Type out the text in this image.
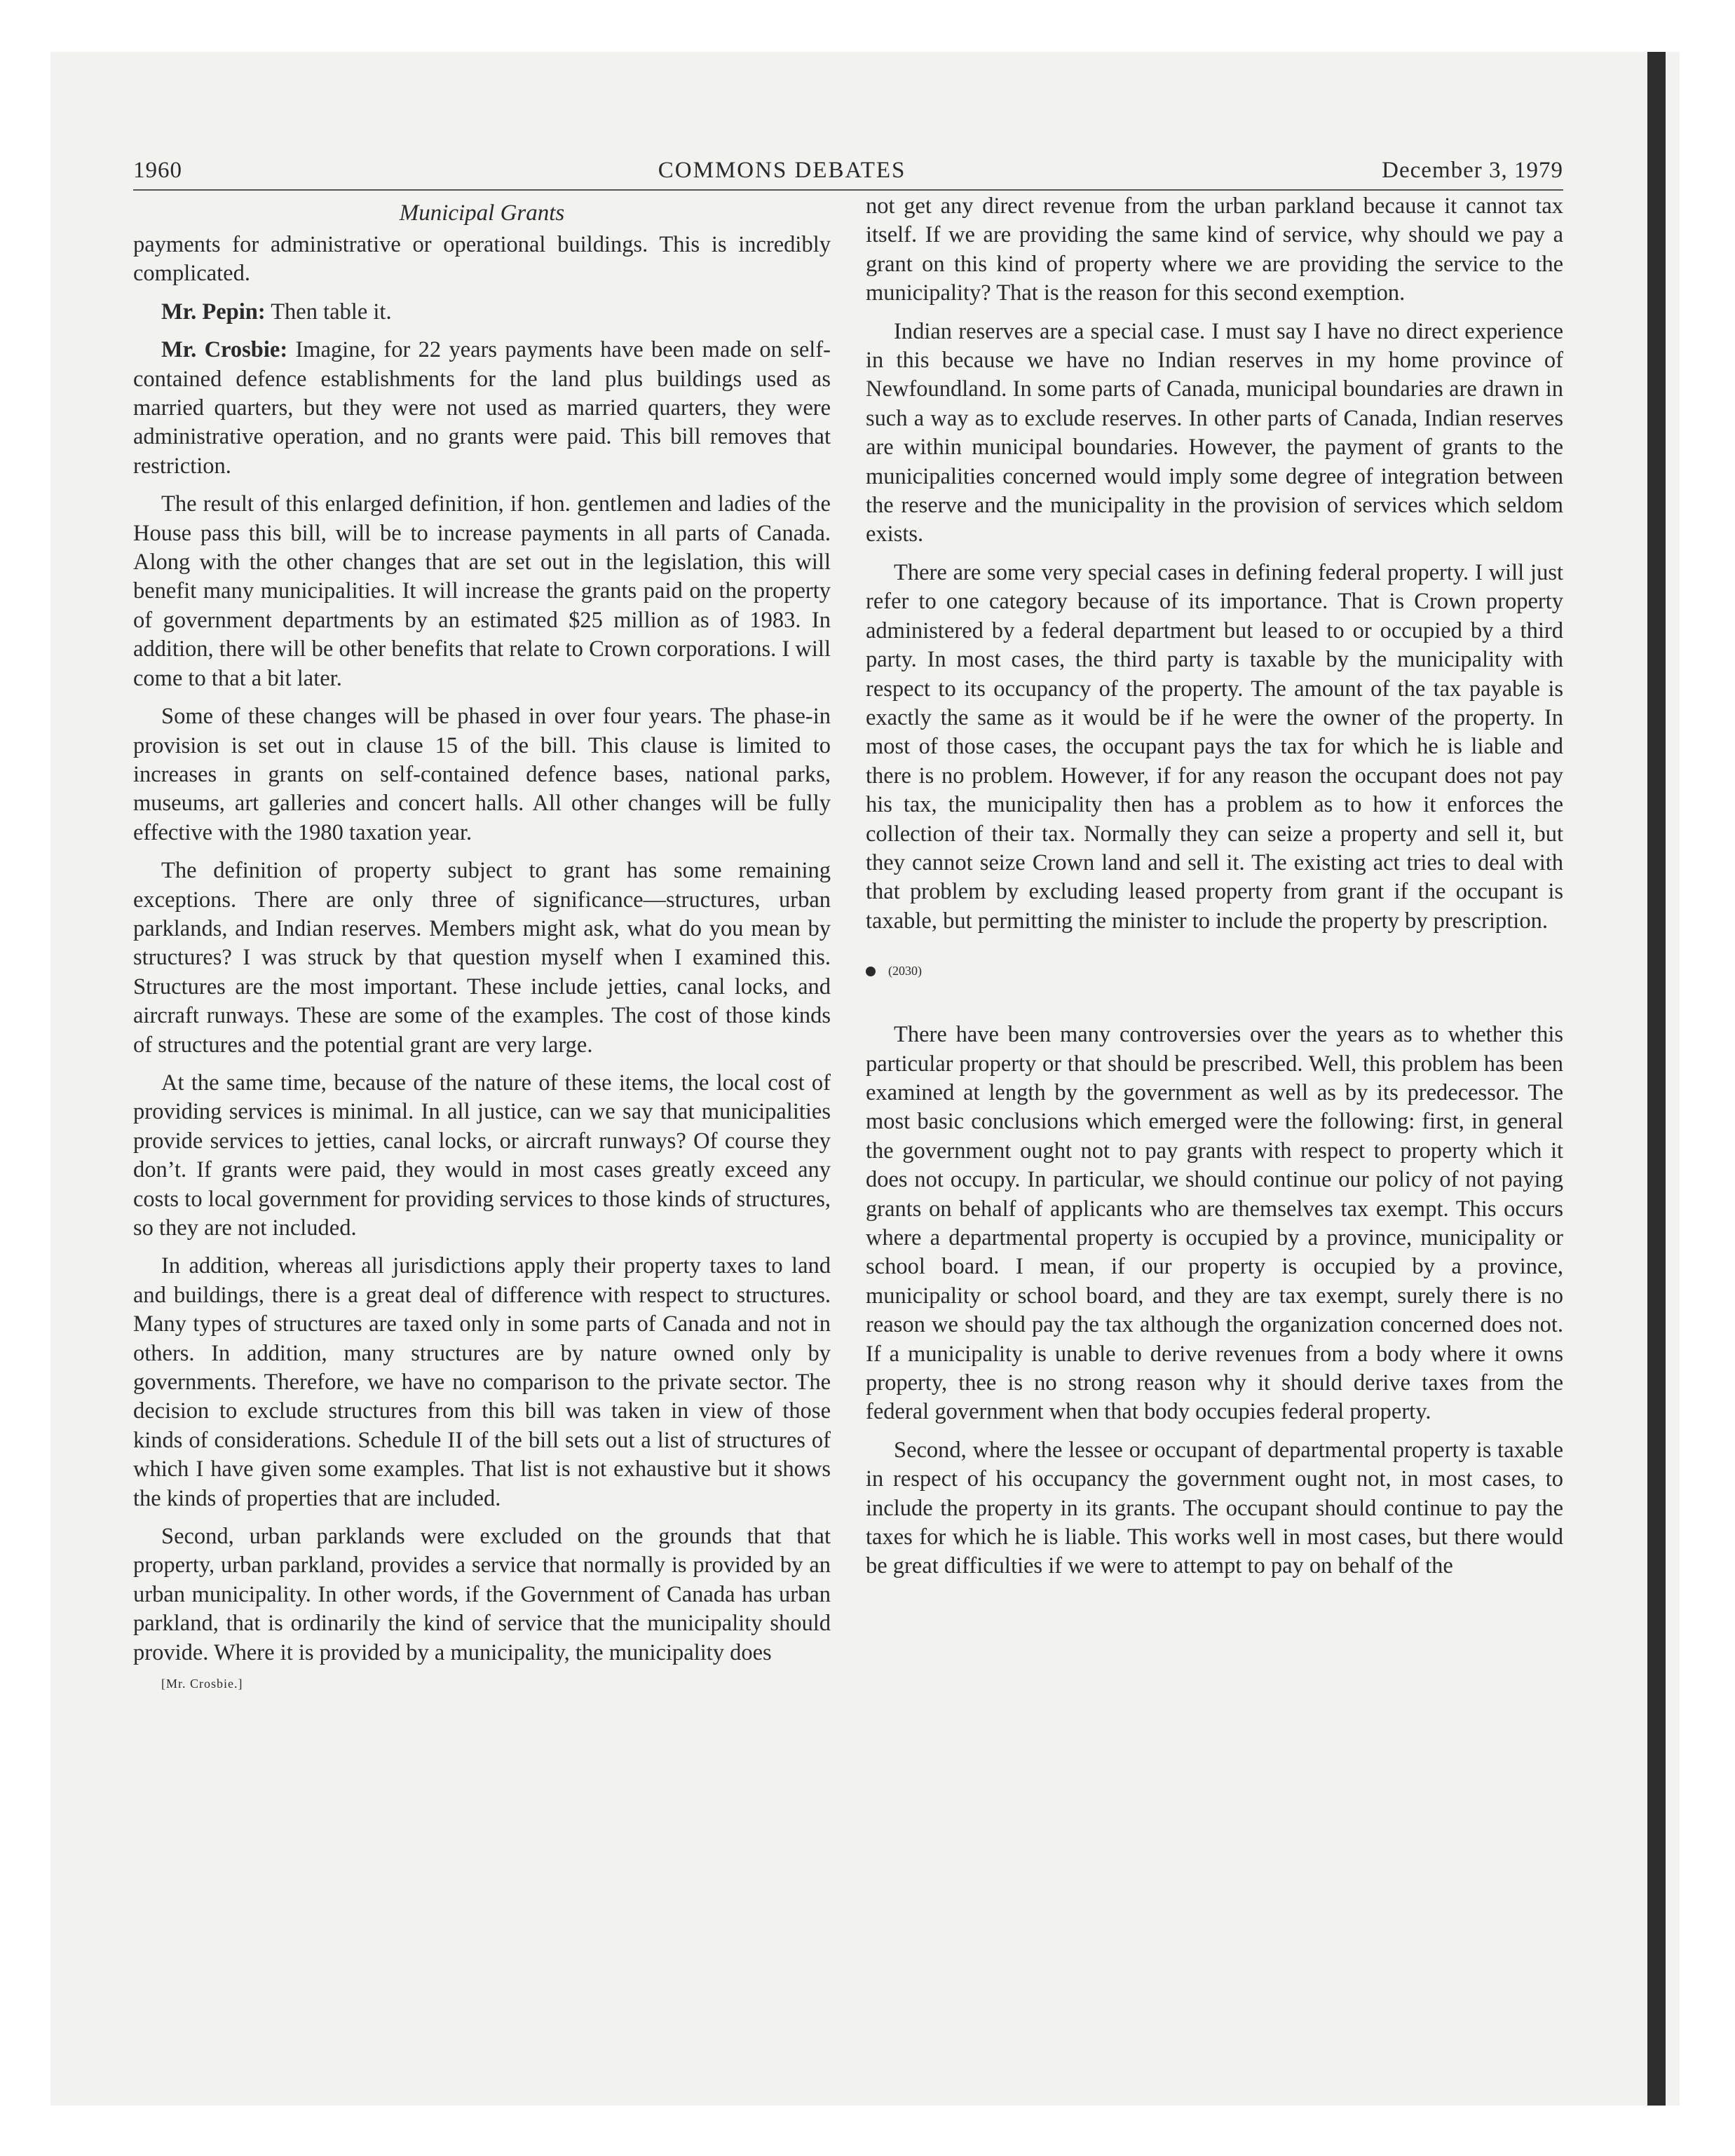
1960	COMMONS DEBATES	December 3, 1979
Municipal Grants

payments for administrative or operational buildings. This is incredibly complicated.

Mr. Pepin: Then table it.

Mr. Crosbie: Imagine, for 22 years payments have been made on self-contained defence establishments for the land plus buildings used as married quarters, but they were not used as married quarters, they were administrative operation, and no grants were paid. This bill removes that restriction.

The result of this enlarged definition, if hon. gentlemen and ladies of the House pass this bill, will be to increase payments in all parts of Canada. Along with the other changes that are set out in the legislation, this will benefit many municipalities. It will increase the grants paid on the property of government departments by an estimated $25 million as of 1983. In addition, there will be other benefits that relate to Crown corporations. I will come to that a bit later.

Some of these changes will be phased in over four years. The phase-in provision is set out in clause 15 of the bill. This clause is limited to increases in grants on self-contained defence bases, national parks, museums, art galleries and concert halls. All other changes will be fully effective with the 1980 taxation year.

The definition of property subject to grant has some remaining exceptions. There are only three of significance—structures, urban parklands, and Indian reserves. Members might ask, what do you mean by structures? I was struck by that question myself when I examined this. Structures are the most important. These include jetties, canal locks, and aircraft runways. These are some of the examples. The cost of those kinds of structures and the potential grant are very large.

At the same time, because of the nature of these items, the local cost of providing services is minimal. In all justice, can we say that municipalities provide services to jetties, canal locks, or aircraft runways? Of course they don’t. If grants were paid, they would in most cases greatly exceed any costs to local government for providing services to those kinds of structures, so they are not included.

In addition, whereas all jurisdictions apply their property taxes to land and buildings, there is a great deal of difference with respect to structures. Many types of structures are taxed only in some parts of Canada and not in others. In addition, many structures are by nature owned only by governments. Therefore, we have no comparison to the private sector. The decision to exclude structures from this bill was taken in view of those kinds of considerations. Schedule II of the bill sets out a list of structures of which I have given some examples. That list is not exhaustive but it shows the kinds of properties that are included.

Second, urban parklands were excluded on the grounds that that property, urban parkland, provides a service that normally is provided by an urban municipality. In other words, if the Government of Canada has urban parkland, that is ordinarily the kind of service that the municipality should provide. Where it is provided by a municipality, the municipality does

[Mr. Crosbie.]

not get any direct revenue from the urban parkland because it cannot tax itself. If we are providing the same kind of service, why should we pay a grant on this kind of property where we are providing the service to the municipality? That is the reason for this second exemption.

Indian reserves are a special case. I must say I have no direct experience in this because we have no Indian reserves in my home province of Newfoundland. In some parts of Canada, municipal boundaries are drawn in such a way as to exclude reserves. In other parts of Canada, Indian reserves are within municipal boundaries. However, the payment of grants to the municipalities concerned would imply some degree of integration between the reserve and the municipality in the provision of services which seldom exists.

There are some very special cases in defining federal property. I will just refer to one category because of its importance. That is Crown property administered by a federal department but leased to or occupied by a third party. In most cases, the third party is taxable by the municipality with respect to its occupancy of the property. The amount of the tax payable is exactly the same as it would be if he were the owner of the property. In most of those cases, the occupant pays the tax for which he is liable and there is no problem. However, if for any reason the occupant does not pay his tax, the municipality then has a problem as to how it enforces the collection of their tax. Normally they can seize a property and sell it, but they cannot seize Crown land and sell it. The existing act tries to deal with that problem by excluding leased property from grant if the occupant is taxable, but permitting the minister to include the property by prescription.

(2030)

There have been many controversies over the years as to whether this particular property or that should be prescribed. Well, this problem has been examined at length by the government as well as by its predecessor. The most basic conclusions which emerged were the following: first, in general the government ought not to pay grants with respect to property which it does not occupy. In particular, we should continue our policy of not paying grants on behalf of applicants who are themselves tax exempt. This occurs where a departmental property is occupied by a province, municipality or school board. I mean, if our property is occupied by a province, municipality or school board, and they are tax exempt, surely there is no reason we should pay the tax although the organization concerned does not. If a municipality is unable to derive revenues from a body where it owns property, thee is no strong reason why it should derive taxes from the federal government when that body occupies federal property.

Second, where the lessee or occupant of departmental property is taxable in respect of his occupancy the government ought not, in most cases, to include the property in its grants. The occupant should continue to pay the taxes for which he is liable. This works well in most cases, but there would be great difficulties if we were to attempt to pay on behalf of the
